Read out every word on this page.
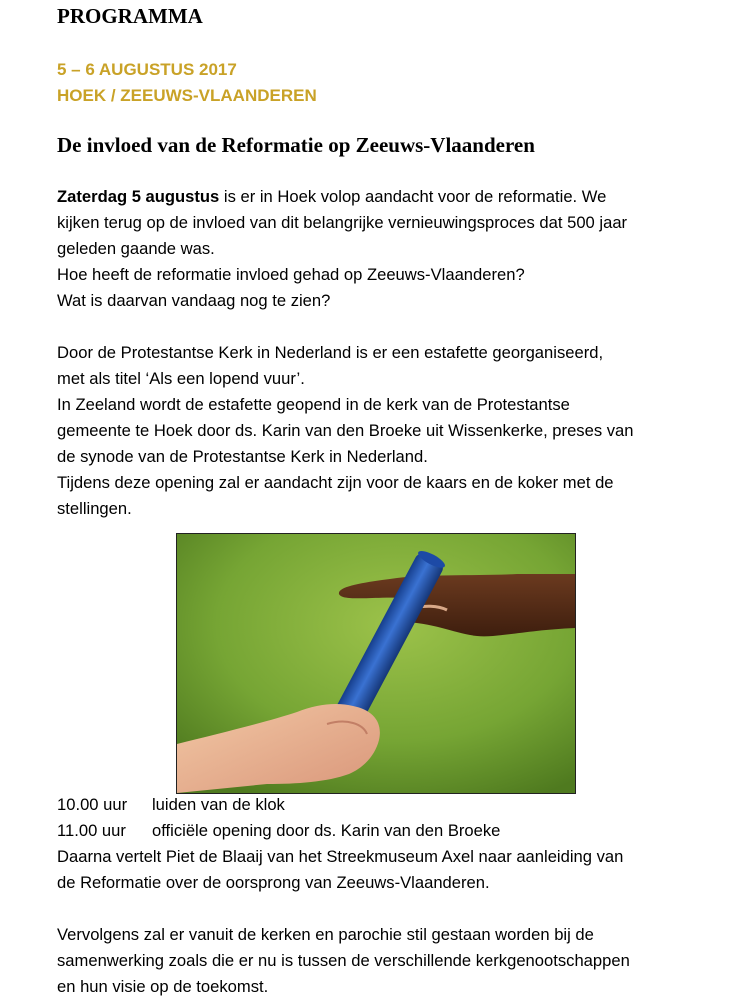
PROGRAMMA

5 – 6 AUGUSTUS 2017

HOEK / ZEEUWS-VLAANDEREN

De invloed van de Reformatie op Zeeuws-Vlaanderen
Zaterdag 5 augustus is er in Hoek volop aandacht voor de reformatie. We
kijken terug op de invloed van dit belangrijke vernieuwingsproces dat 500 jaar
geleden gaande was.
Hoe heeft de reformatie invloed gehad op Zeeuws-Vlaanderen?
Wat is daarvan vandaag nog te zien?
Door de Protestantse Kerk in Nederland is er een estafette georganiseerd,
met als titel ‘Als een lopend vuur’.
In Zeeland wordt de estafette geopend in de kerk van de Protestantse
gemeente te Hoek door ds. Karin van den Broeke uit Wissenkerke, preses van
de synode van de Protestantse Kerk in Nederland.
Tijdens deze opening zal er aandacht zijn voor de kaars en de koker met de
stellingen.
10.00 uur luiden van de klok
11.00 uur officiële opening door ds. Karin van den Broeke
Daarna vertelt Piet de Blaaij van het Streekmuseum Axel naar aanleiding van
de Reformatie over de oorsprong van Zeeuws-Vlaanderen.
Vervolgens zal er vanuit de kerken en parochie stil gestaan worden bij de
samenwerking zoals die er nu is tussen de verschillende kerkgenootschappen
en hun visie op de toekomst.
